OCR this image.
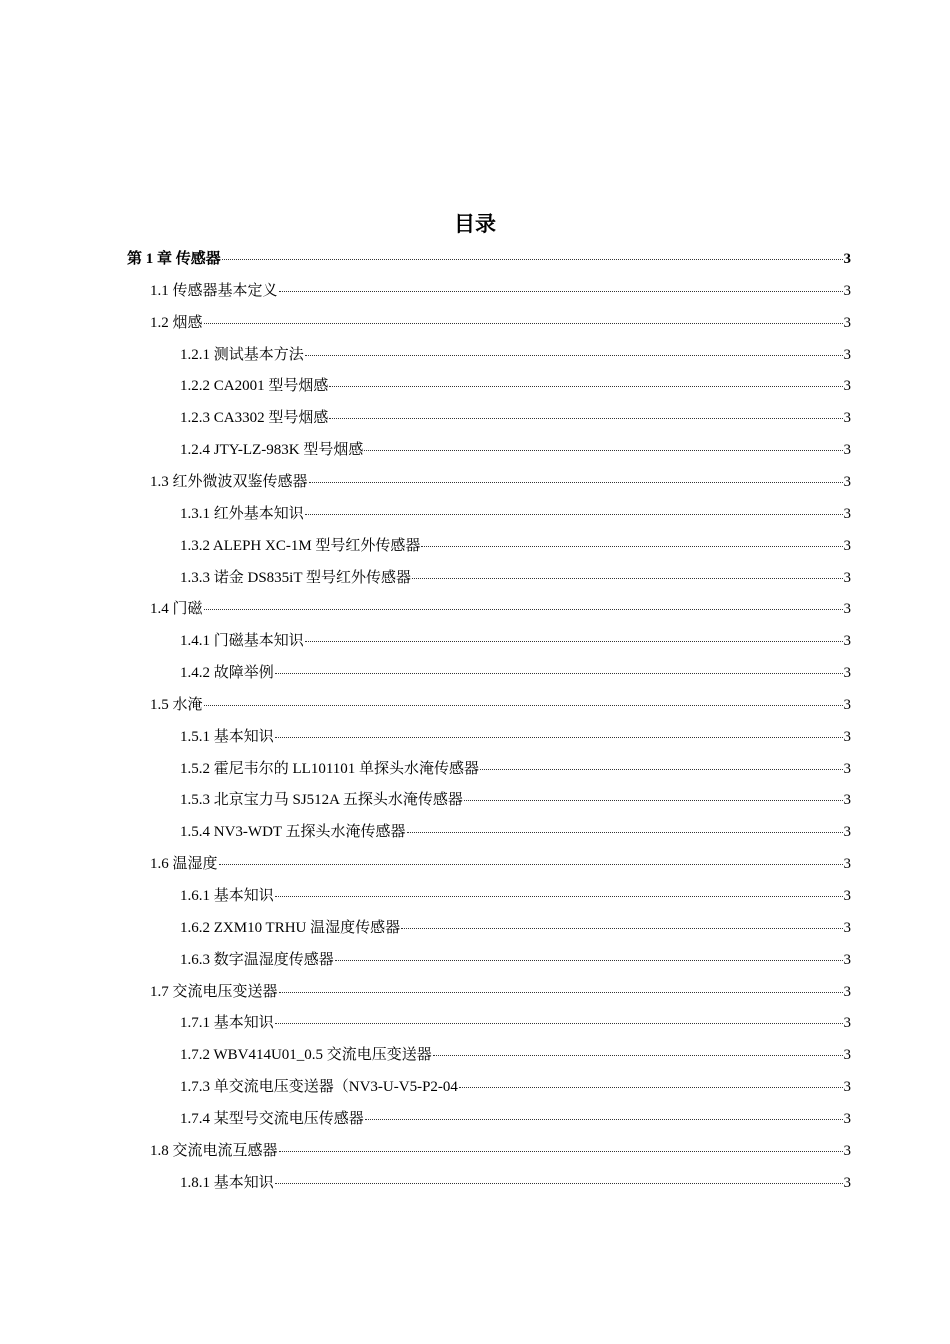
目录
第 1 章 传感器	3
1.1 传感器基本定义	3
1.2 烟感	3
1.2.1 测试基本方法	3
1.2.2 CA2001 型号烟感	3
1.2.3 CA3302 型号烟感	3
1.2.4 JTY-LZ-983K 型号烟感	3
1.3 红外微波双鉴传感器	3
1.3.1 红外基本知识	3
1.3.2 ALEPH XC-1M 型号红外传感器	3
1.3.3 诺金 DS835iT 型号红外传感器	3
1.4 门磁	3
1.4.1 门磁基本知识	3
1.4.2 故障举例	3
1.5 水淹	3
1.5.1 基本知识	3
1.5.2 霍尼韦尔的 LL101101 单探头水淹传感器	3
1.5.3 北京宝力马 SJ512A 五探头水淹传感器	3
1.5.4 NV3-WDT 五探头水淹传感器	3
1.6 温湿度	3
1.6.1 基本知识	3
1.6.2 ZXM10 TRHU 温湿度传感器	3
1.6.3 数字温湿度传感器	3
1.7 交流电压变送器	3
1.7.1 基本知识	3
1.7.2 WBV414U01_0.5 交流电压变送器	3
1.7.3 单交流电压变送器（NV3-U-V5-P2-04	3
1.7.4 某型号交流电压传感器	3
1.8 交流电流互感器	3
1.8.1 基本知识	3
